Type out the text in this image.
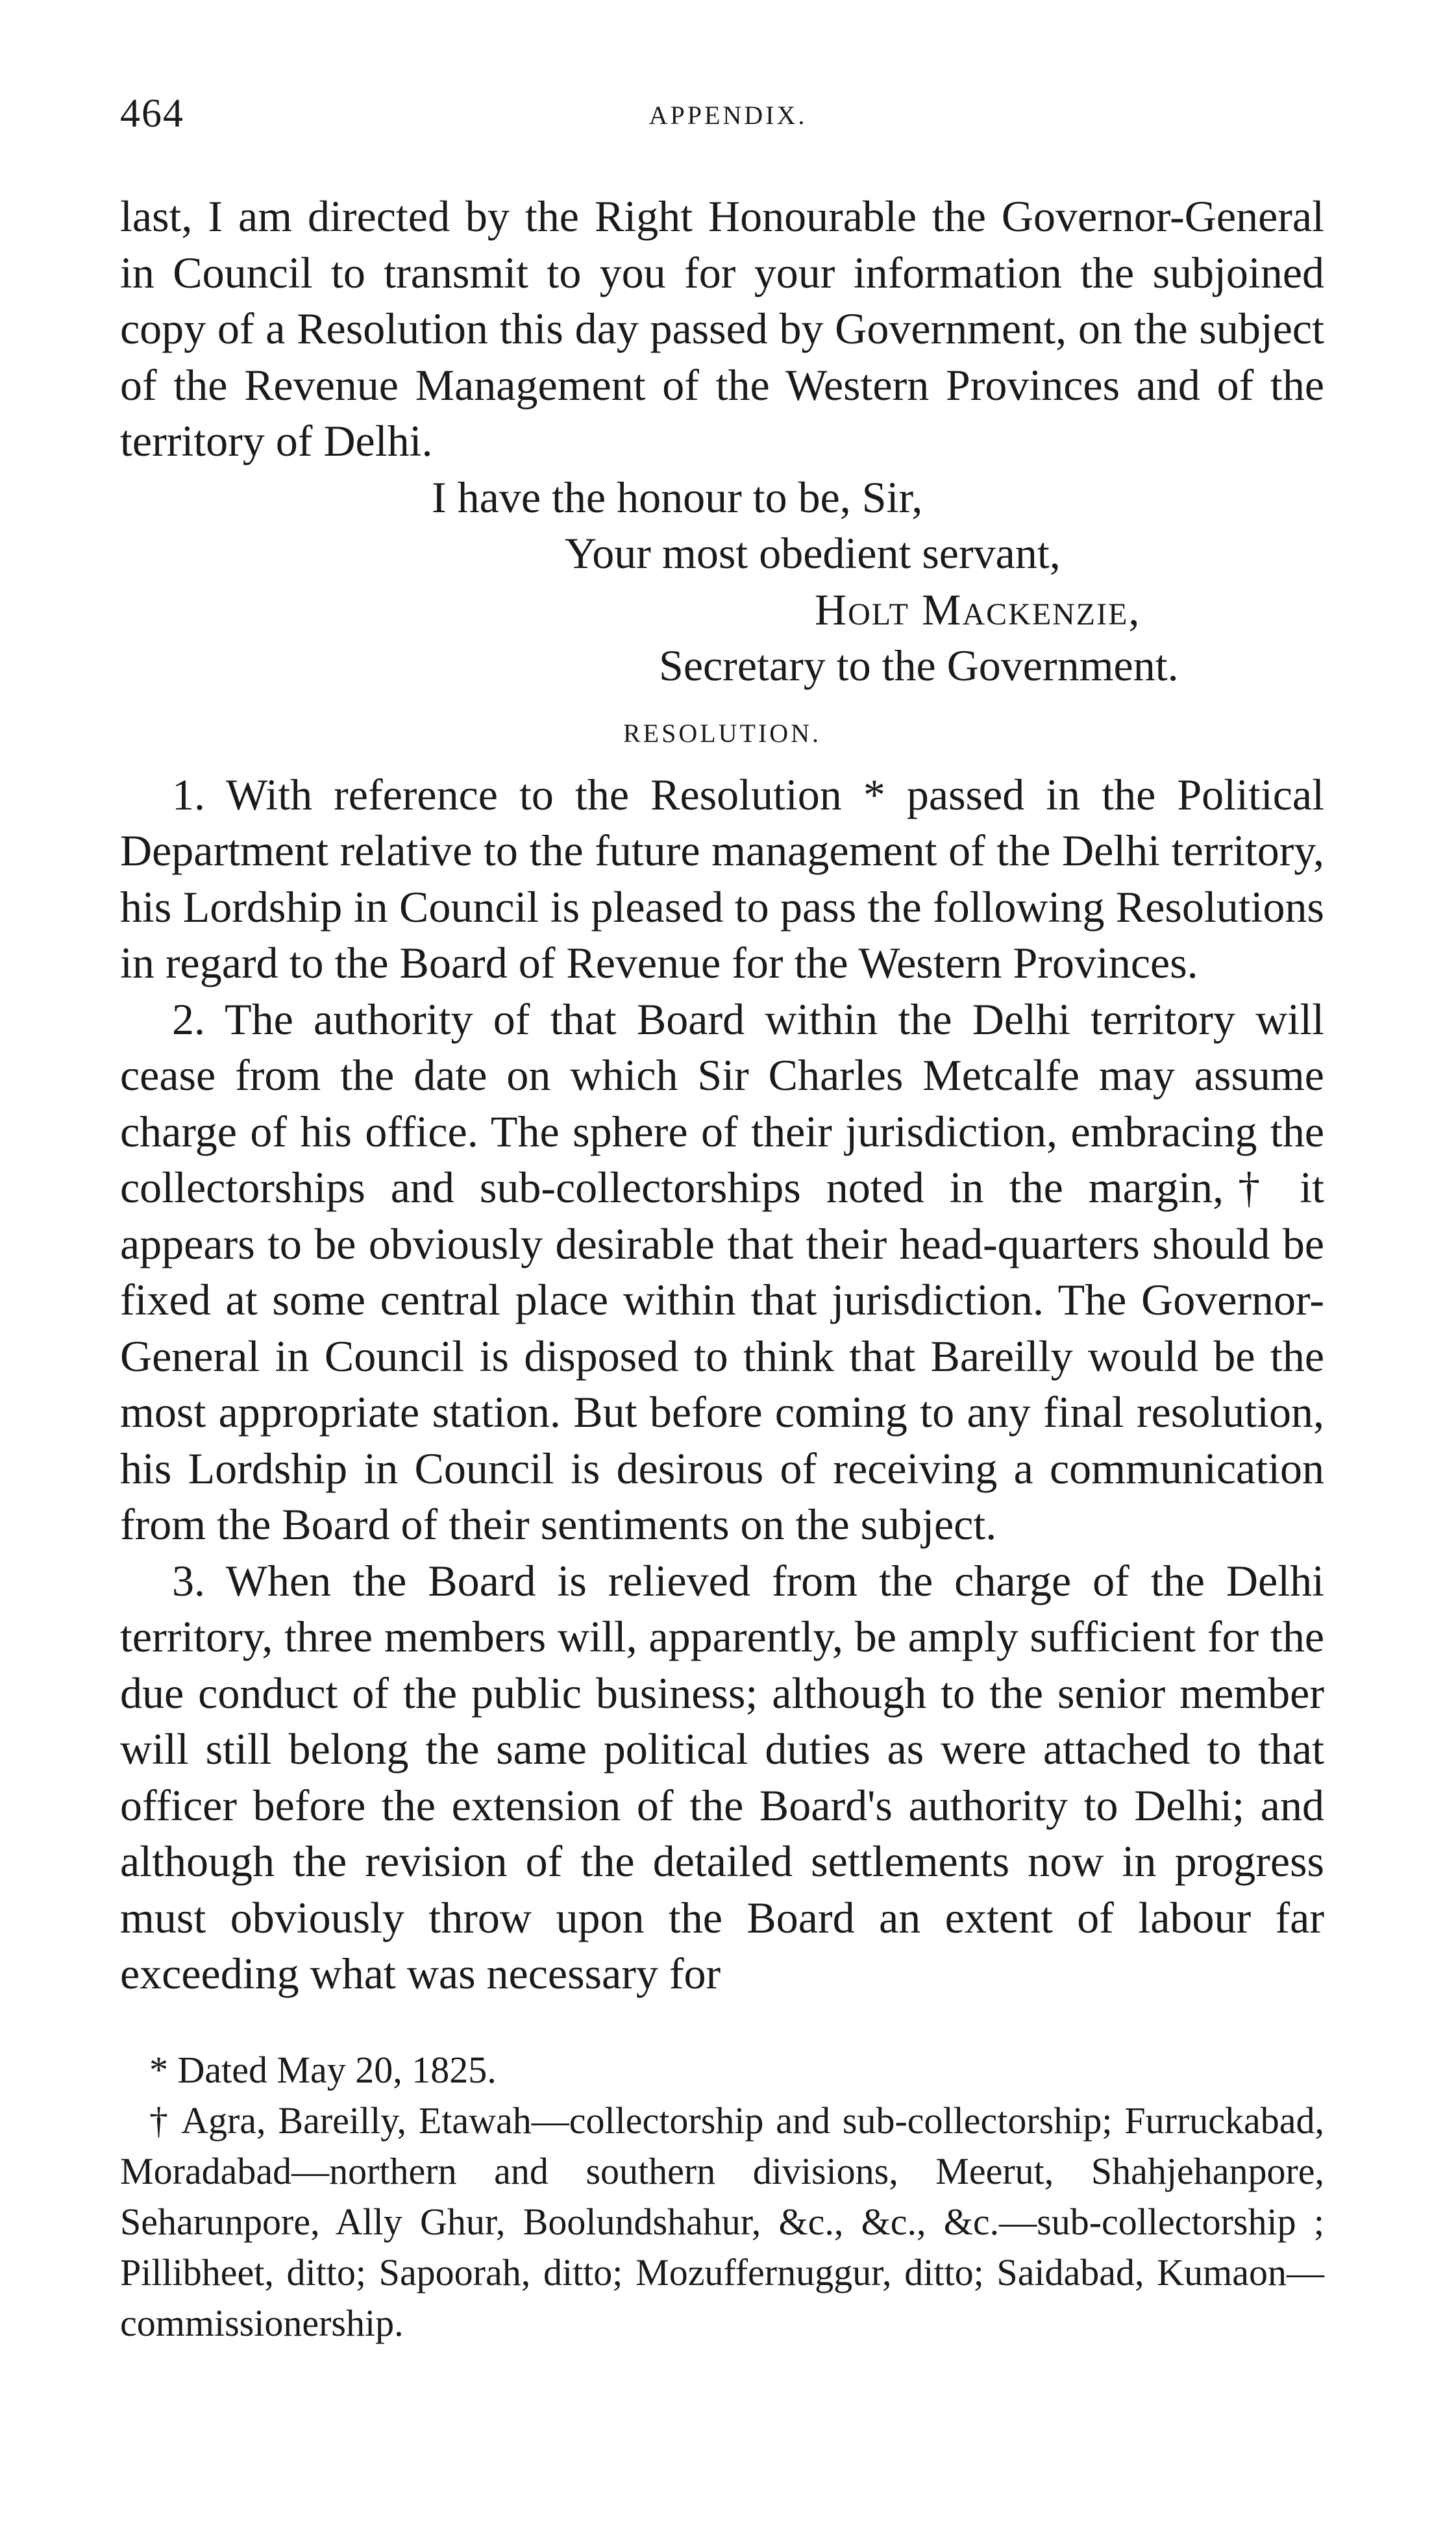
464	APPENDIX.

last, I am directed by the Right Honourable the Governor-General in Council to transmit to you for your information the subjoined copy of a Resolution this day passed by Government, on the subject of the Revenue Management of the Western Provinces and of the territory of Delhi.

I have the honour to be, Sir,
Your most obedient servant,
Holt Mackenzie,
Secretary to the Government.
RESOLUTION.

1. With reference to the Resolution * passed in the Political Department relative to the future management of the Delhi territory, his Lordship in Council is pleased to pass the following Resolutions in regard to the Board of Revenue for the Western Provinces.

2. The authority of that Board within the Delhi territory will cease from the date on which Sir Charles Metcalfe may assume charge of his office. The sphere of their jurisdiction, embracing the collectorships and sub-collectorships noted in the margin,† it appears to be obviously desirable that their head-quarters should be fixed at some central place within that jurisdiction. The Governor-General in Council is disposed to think that Bareilly would be the most appropriate station. But before coming to any final resolution, his Lordship in Council is desirous of receiving a communication from the Board of their sentiments on the subject.

3. When the Board is relieved from the charge of the Delhi territory, three members will, apparently, be amply sufficient for the due conduct of the public business; although to the senior member will still belong the same political duties as were attached to that officer before the extension of the Board's authority to Delhi; and although the revision of the detailed settlements now in progress must obviously throw upon the Board an extent of labour far exceeding what was necessary for

* Dated May 20, 1825.

† Agra, Bareilly, Etawah—collectorship and sub-collectorship; Furruckabad, Moradabad—northern and southern divisions, Meerut, Shahjehanpore, Seharunpore, Ally Ghur, Boolundshahur, &c., &c., &c.—sub-collectorship ; Pillibheet, ditto; Sapoorah, ditto; Mozuffernuggur, ditto; Saidabad, Kumaon—commissionership.
